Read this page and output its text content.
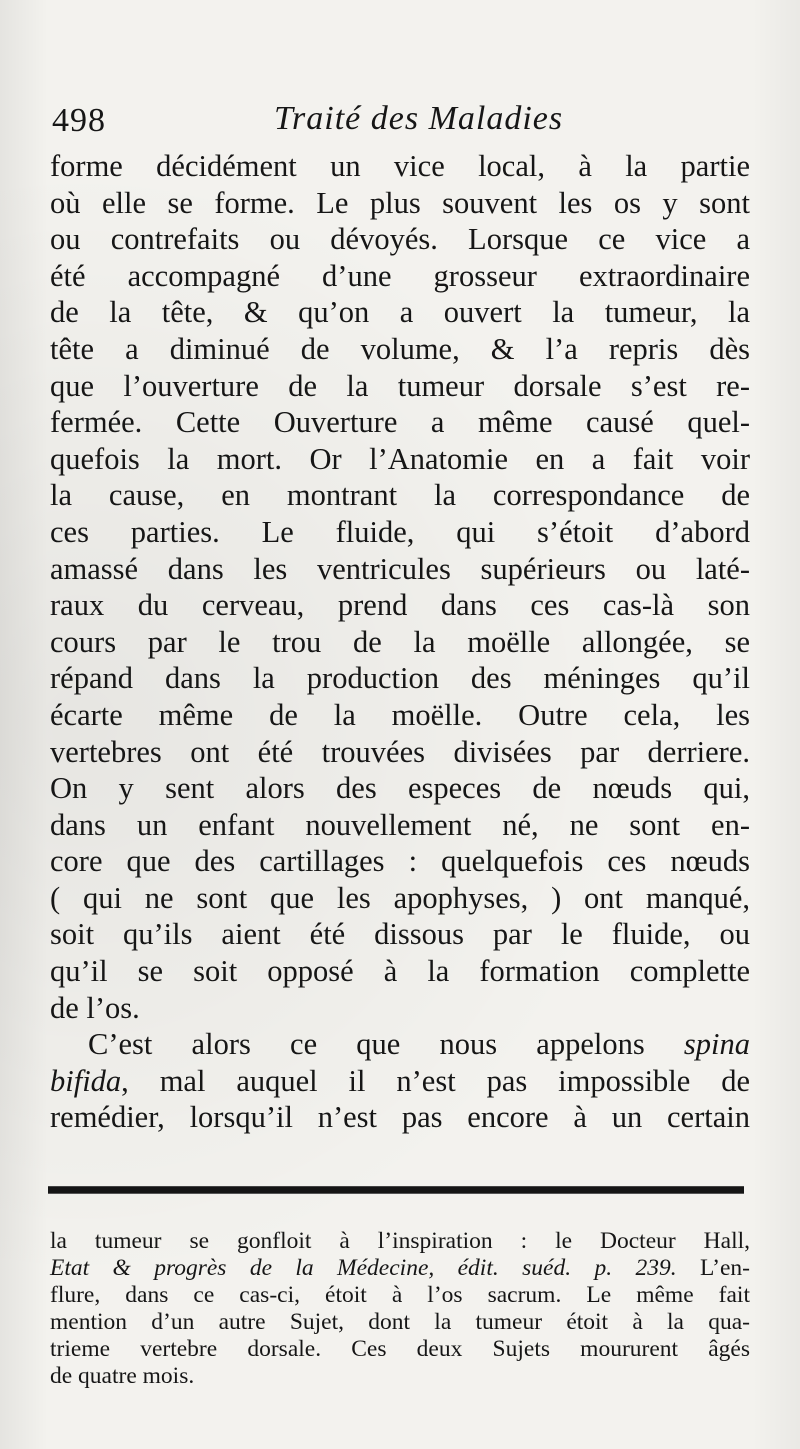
498	Traité des Maladies
forme décidément un vice local, à la partie
où elle se forme. Le plus souvent les os y sont
ou contrefaits ou dévoyés. Lorsque ce vice a
été accompagné d’une grosseur extraordinaire
de la tête, & qu’on a ouvert la tumeur, la
tête a diminué de volume, & l’a repris dès
que l’ouverture de la tumeur dorsale s’est re-
fermée. Cette Ouverture a même causé quel-
quefois la mort. Or l’Anatomie en a fait voir
la cause, en montrant la correspondance de
ces parties. Le fluide, qui s’étoit d’abord
amassé dans les ventricules supérieurs ou laté-
raux du cerveau, prend dans ces cas-là son
cours par le trou de la moëlle allongée, se
répand dans la production des méninges qu’il
écarte même de la moëlle. Outre cela, les
vertebres ont été trouvées divisées par derriere.
On y sent alors des especes de nœuds qui,
dans un enfant nouvellement né, ne sont en-
core que des cartillages : quelquefois ces nœuds
( qui ne sont que les apophyses, ) ont manqué,
soit qu’ils aient été dissous par le fluide, ou
qu’il se soit opposé à la formation complette
de l’os.
C’est alors ce que nous appelons spina
bifida, mal auquel il n’est pas impossible de
remédier, lorsqu’il n’est pas encore à un certain
la tumeur se gonfloit à l’inspiration : le Docteur Hall,
Etat & progrès de la Médecine, édit. suéd. p. 239. L’en-
flure, dans ce cas-ci, étoit à l’os sacrum. Le même fait
mention d’un autre Sujet, dont la tumeur étoit à la qua-
trieme vertebre dorsale. Ces deux Sujets moururent âgés
de quatre mois.
